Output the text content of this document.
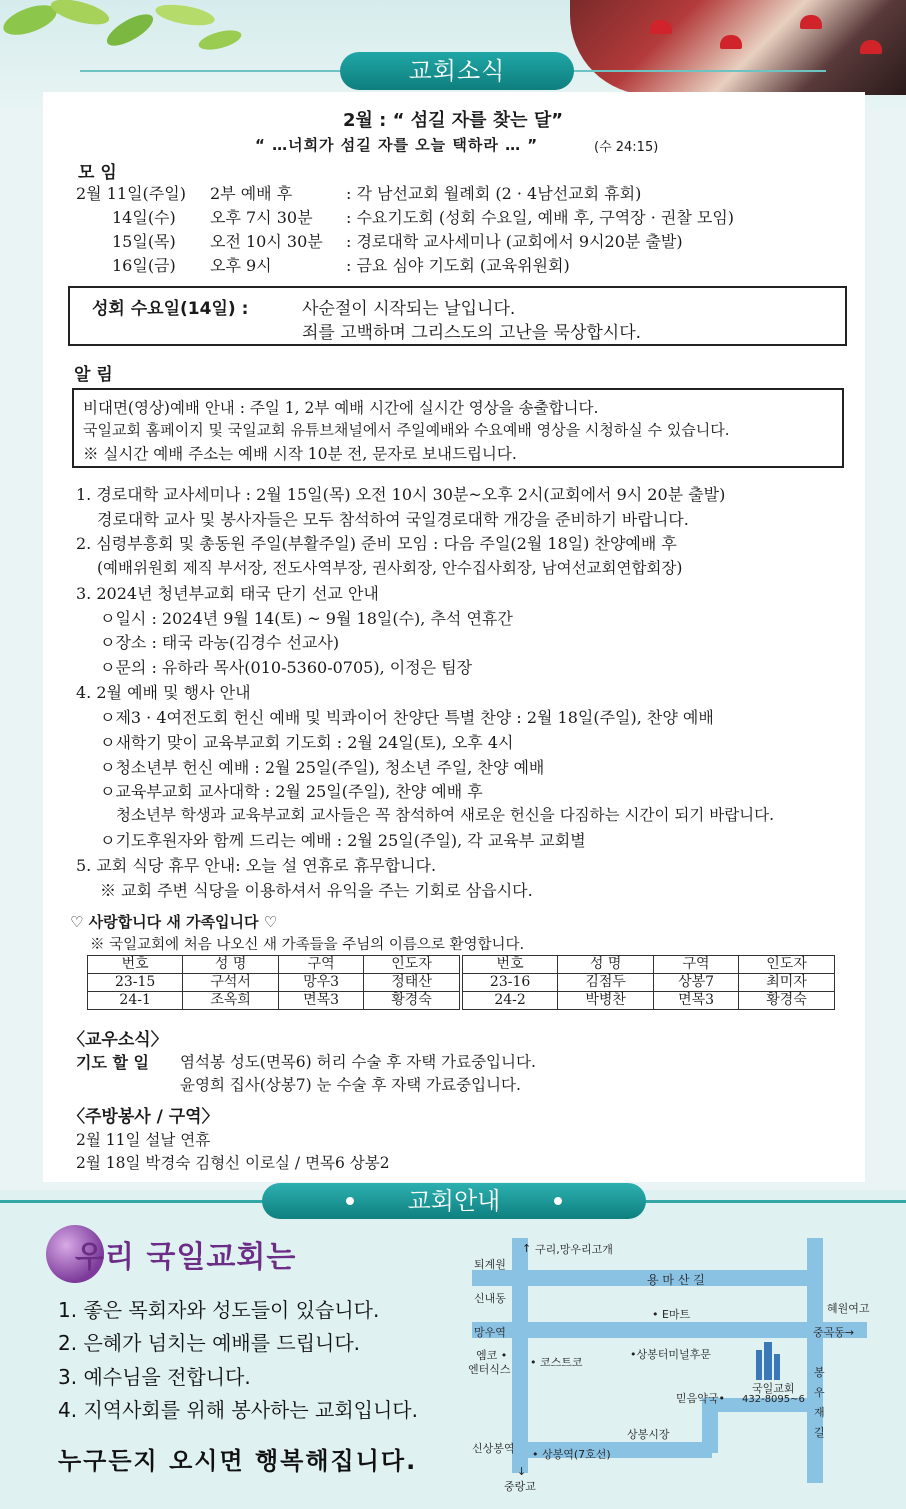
교회소식
2월 : “ 섬길 자를 찾는 달”
“ …너희가 섬길 자를 오늘 택하라 … ”	(수 24:15)
모 임
2월 11일(주일) 2부 예배 후	: 각 남선교회 월례회 (2 · 4남선교회 휴회)
14일(수) 오후 7시 30분 : 수요기도회 (성회 수요일, 예배 후, 구역장 · 권찰 모임)
15일(목) 오전 10시 30분 : 경로대학 교사세미나 (교회에서 9시20분 출발)
16일(금) 오후 9시	: 금요 심야 기도회 (교육위원회)
성회 수요일(14일) :	사순절이 시작되는 날입니다.
죄를 고백하며 그리스도의 고난을 묵상합시다.
알 림
비대면(영상)예배 안내 : 주일 1, 2부 예배 시간에 실시간 영상을 송출합니다.
국일교회 홈페이지 및 국일교회 유튜브채널에서 주일예배와 수요예배 영상을 시청하실 수 있습니다.
※ 실시간 예배 주소는 예배 시작 10분 전, 문자로 보내드립니다.
1. 경로대학 교사세미나 : 2월 15일(목) 오전 10시 30분~오후 2시(교회에서 9시 20분 출발)
경로대학 교사 및 봉사자들은 모두 참석하여 국일경로대학 개강을 준비하기 바랍니다.
2. 심령부흥회 및 총동원 주일(부활주일) 준비 모임 : 다음 주일(2월 18일) 찬양예배 후
(예배위원회 제직 부서장, 전도사역부장, 권사회장, 안수집사회장, 남여선교회연합회장)
3. 2024년 청년부교회 태국 단기 선교 안내
ㅇ일시 : 2024년 9월 14(토) ~ 9월 18일(수), 추석 연휴간
ㅇ장소 : 태국 라농(김경수 선교사)
ㅇ문의 : 유하라 목사(010-5360-0705), 이정은 팀장
4. 2월 예배 및 행사 안내
ㅇ제3 · 4여전도회 헌신 예배 및 빅콰이어 찬양단 특별 찬양 : 2월 18일(주일), 찬양 예배
ㅇ새학기 맞이 교육부교회 기도회 : 2월 24일(토), 오후 4시
ㅇ청소년부 헌신 예배 : 2월 25일(주일), 청소년 주일, 찬양 예배
ㅇ교육부교회 교사대학 : 2월 25일(주일), 찬양 예배 후
청소년부 학생과 교육부교회 교사들은 꼭 참석하여 새로운 헌신을 다짐하는 시간이 되기 바랍니다.
ㅇ기도후원자와 함께 드리는 예배 : 2월 25일(주일), 각 교육부 교회별
5. 교회 식당 휴무 안내: 오늘 설 연휴로 휴무합니다.
※ 교회 주변 식당을 이용하셔서 유익을 주는 기회로 삼읍시다.
♡ 사랑합니다 새 가족입니다 ♡
※ 국일교회에 처음 나오신 새 가족들을 주님의 이름으로 환영합니다.
번호	성 명	구역	인도자		번호	성 명	구역	인도자
23-15	구석서	망우3	정태산		23-16	김점두	상봉7	최미자
24-1	조옥희	면목3	황경숙		24-2	박병찬	면목3	황경숙
〈교우소식〉
기도 할 일 염석봉 성도(면목6) 허리 수술 후 자택 가료중입니다.
윤영희 집사(상봉7) 눈 수술 후 자택 가료중입니다.
〈주방봉사 / 구역〉
2월 11일 설날 연휴
2월 18일 박경숙 김형신 이로실 / 면목6 상봉2
교회안내
우리 국일교회는
1. 좋은 목회자와 성도들이 있습니다.
2. 은혜가 넘치는 예배를 드립니다.
3. 예수님을 전합니다.
4. 지역사회를 위해 봉사하는 교회입니다.
누구든지 오시면 행복해집니다.
↑ 구리,망우리고개
퇴계원
용 마 산 길
신내동
혜원여고
• E마트
망우역	중곡동→
엠코 •
엔터식스
• 코스트코
•상봉터미널후문
국일교회
432-8095~6
믿음약국•
봉 우 재 길
상봉시장
신상봉역 • 상봉역(7호선)
↓
중랑교
